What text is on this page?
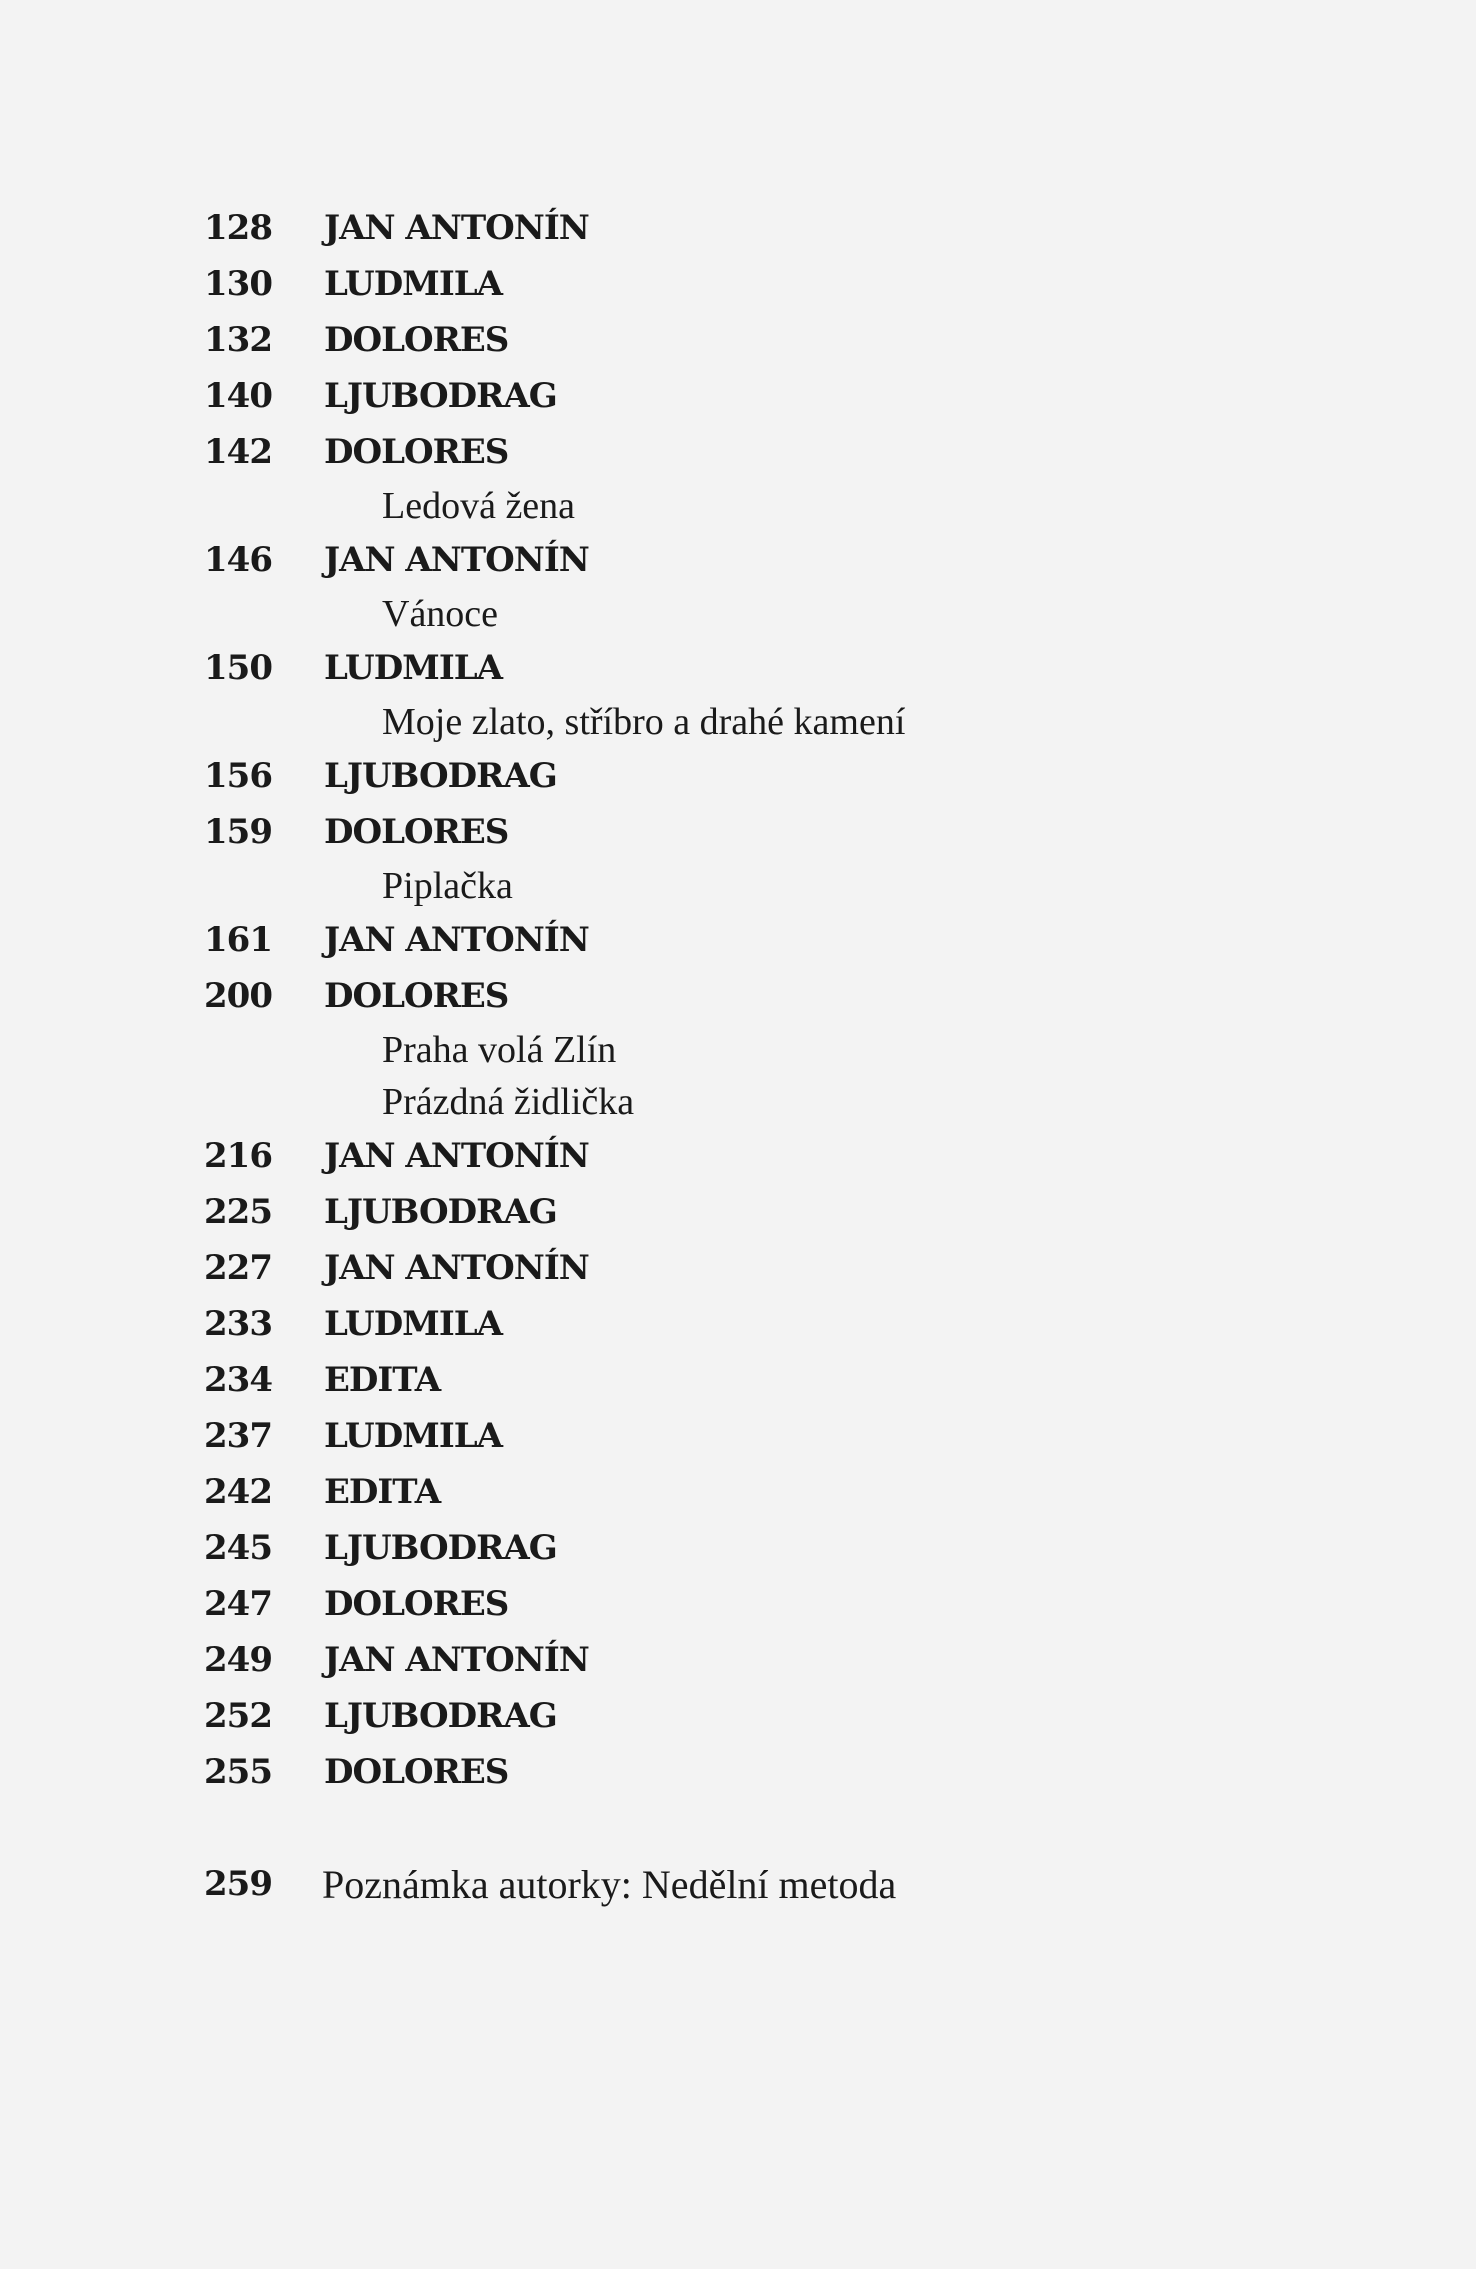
128	JAN ANTONÍN
130	LUDMILA
132	DOLORES
140	LJUBODRAG
142	DOLORES
Ledová žena
146	JAN ANTONÍN
Vánoce
150	LUDMILA
Moje zlato, stříbro a drahé kamení
156	LJUBODRAG
159	DOLORES
Piplačka
161	JAN ANTONÍN
200	DOLORES
Praha volá Zlín
Prázdná židlička
216	JAN ANTONÍN
225	LJUBODRAG
227	JAN ANTONÍN
233	LUDMILA
234	EDITA
237	LUDMILA
242	EDITA
245	LJUBODRAG
247	DOLORES
249	JAN ANTONÍN
252	LJUBODRAG
255	DOLORES
259	Poznámka autorky: Nedělní metoda
